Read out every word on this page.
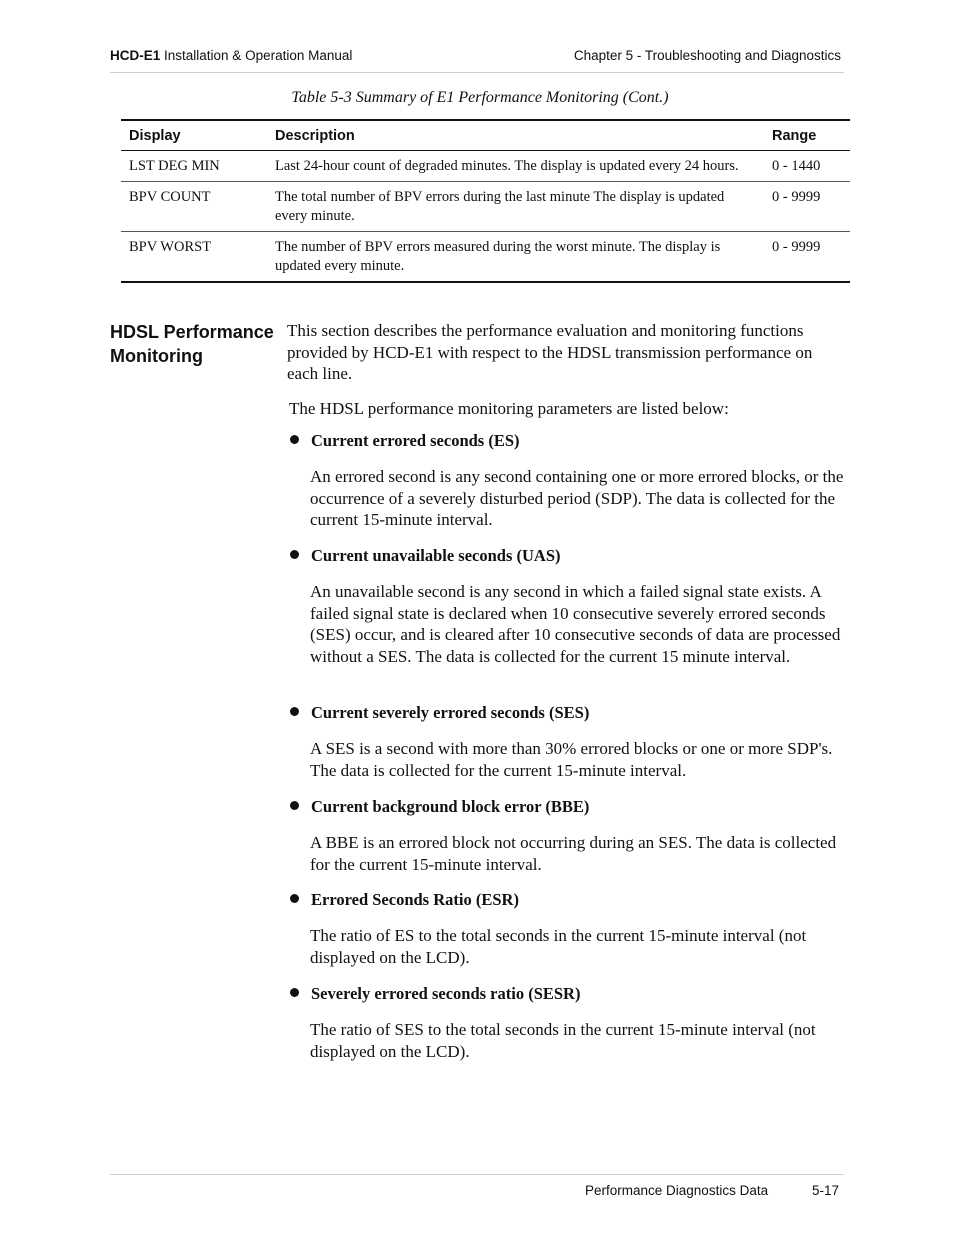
HCD-E1 Installation & Operation Manual	Chapter 5 - Troubleshooting and Diagnostics
Table 5-3 Summary of E1 Performance Monitoring (Cont.)
Display	Description	Range
LST DEG MIN	Last 24-hour count of degraded minutes. The display is updated every 24 hours.	0 - 1440
BPV COUNT	The total number of BPV errors during the last minute The display is updated every minute.	0 - 9999
BPV WORST	The number of BPV errors measured during the worst minute. The display is updated every minute.	0 - 9999
HDSL Performance Monitoring
This section describes the performance evaluation and monitoring functions provided by HCD-E1 with respect to the HDSL transmission performance on each line.
The HDSL performance monitoring parameters are listed below:
Current errored seconds (ES)
An errored second is any second containing one or more errored blocks, or the occurrence of a severely disturbed period (SDP). The data is collected for the current 15-minute interval.
Current unavailable seconds (UAS)
An unavailable second is any second in which a failed signal state exists. A failed signal state is declared when 10 consecutive severely errored seconds (SES) occur, and is cleared after 10 consecutive seconds of data are processed without a SES. The data is collected for the current 15 minute interval.
Current severely errored seconds (SES)
A SES is a second with more than 30% errored blocks or one or more SDP's. The data is collected for the current 15-minute interval.
Current background block error (BBE)
A BBE is an errored block not occurring during an SES. The data is collected for the current 15-minute interval.
Errored Seconds Ratio (ESR)
The ratio of ES to the total seconds in the current 15-minute interval (not displayed on the LCD).
Severely errored seconds ratio (SESR)
The ratio of SES to the total seconds in the current 15-minute interval (not displayed on the LCD).
Performance Diagnostics Data	5-17
